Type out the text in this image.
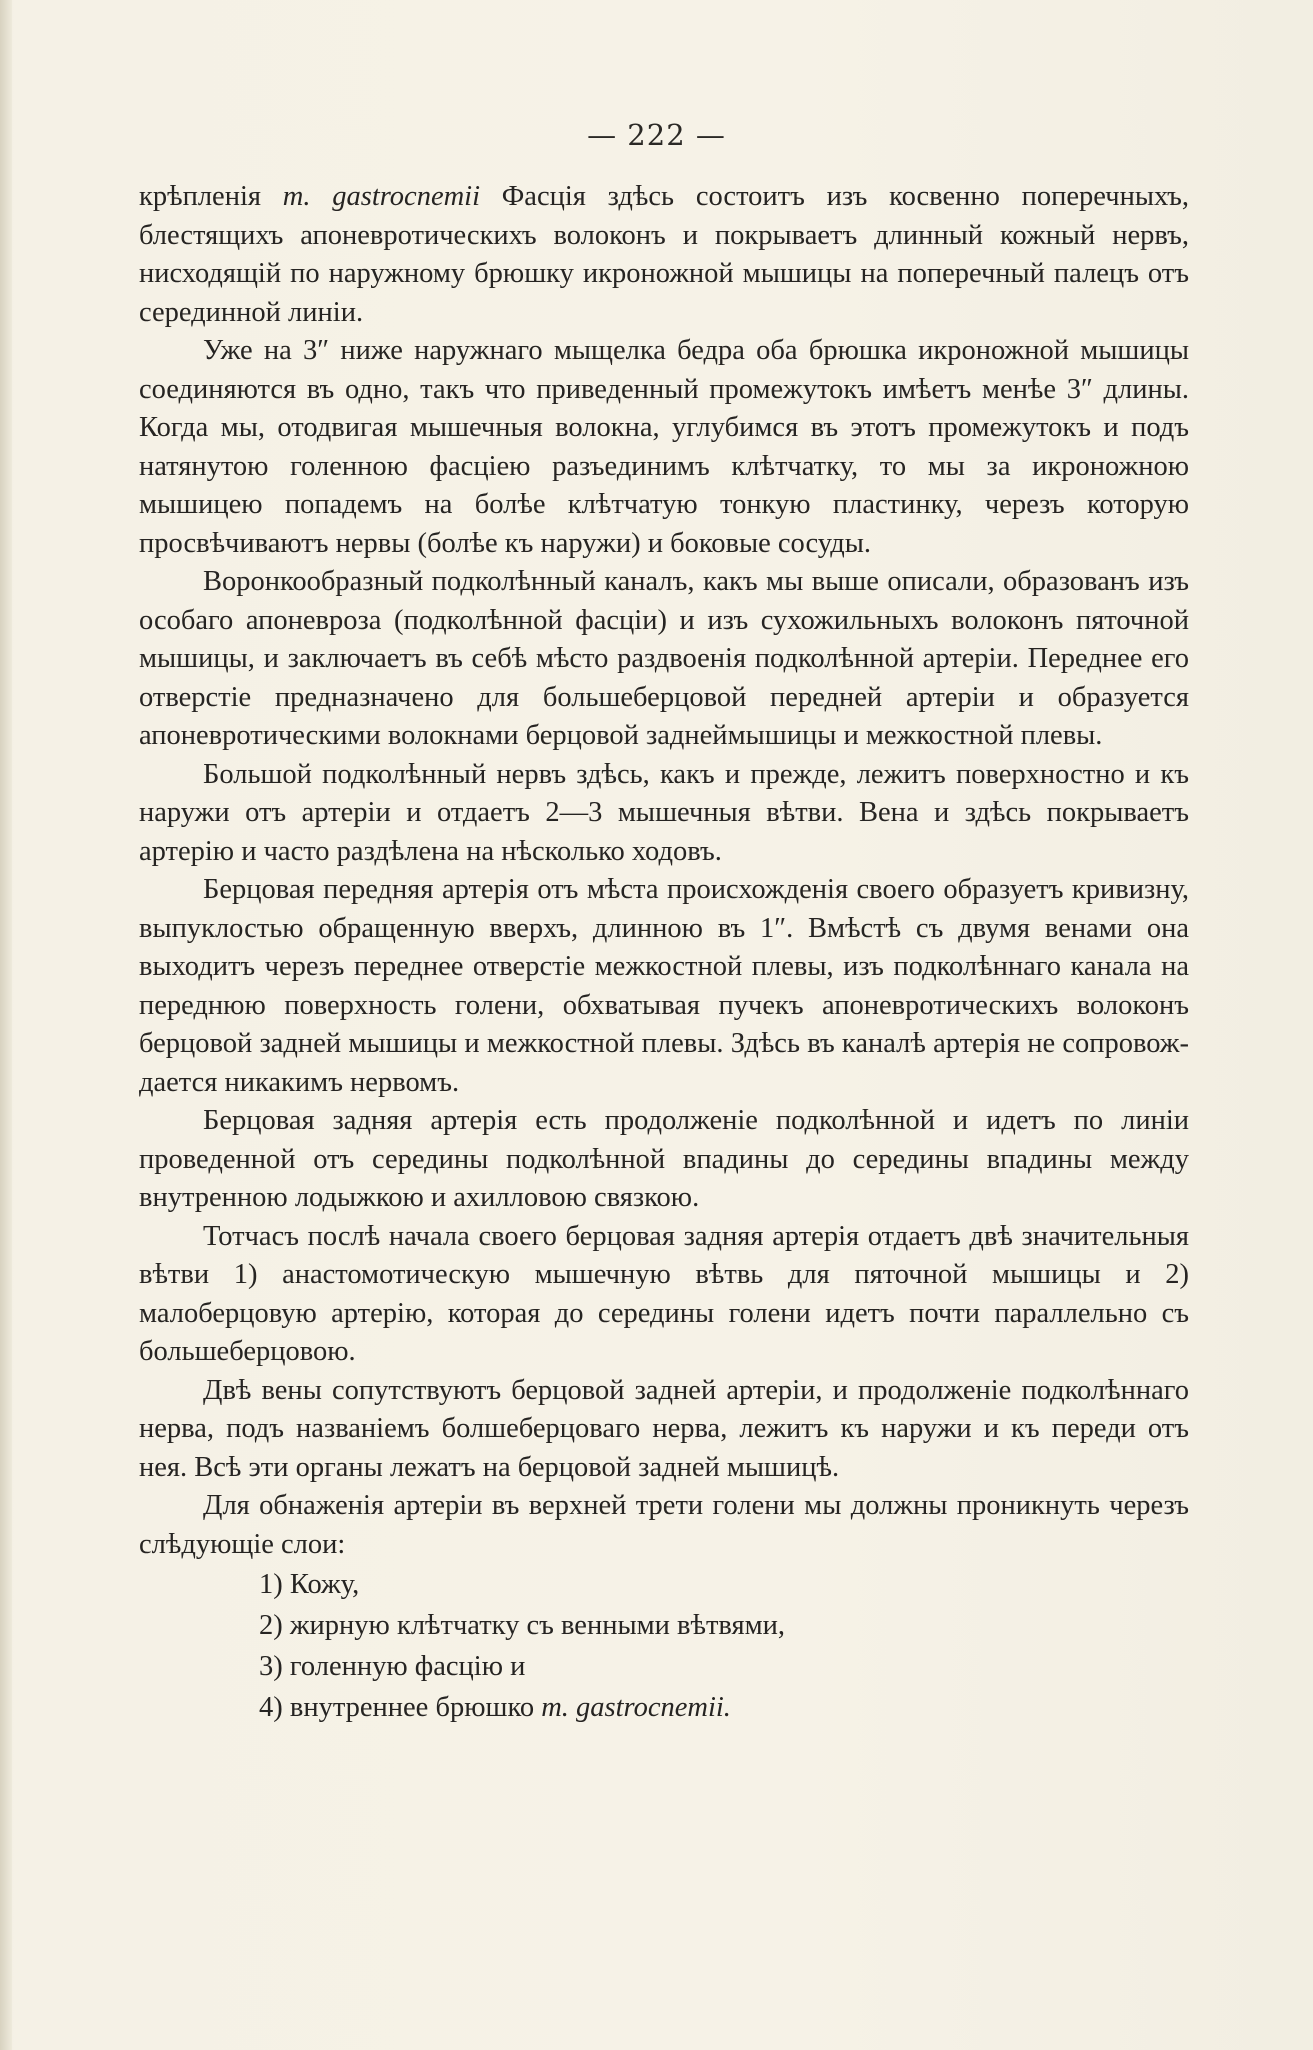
— 222 —

крѣпленія m. gastrocnemii Фасція здѣсь состоитъ изъ косвенно поперечныхъ, блестящихъ апоневротическихъ волоконъ и покрываетъ длинный кожный нервъ, нисходящій по наружному брюшку икроножной мышицы на поперечный палецъ отъ серединной линіи.

Уже на 3″ ниже наружнаго мыщелка бедра оба брюшка икроножной мышицы соединяются въ одно, такъ что приведенный промежутокъ имѣетъ менѣе 3″ длины. Когда мы, отодвигая мышечныя волокна, углубимся въ этотъ промежутокъ и подъ натянутою голенною фасціею разъединимъ клѣтчатку, то мы за икроножною мышицею попадемъ на болѣе клѣтчатую тонкую пластинку, черезъ которую просвѣчиваютъ нервы (болѣе къ наружи) и боковые сосуды.

Воронкообразный подколѣнный каналъ, какъ мы выше описали, образованъ изъ особаго апоневроза (подколѣнной фасціи) и изъ сухожильныхъ волоконъ пяточной мышицы, и заключаетъ въ себѣ мѣсто раздвоенія подколѣнной артеріи. Переднее его отверстіе предназначено для большеберцовой передней артеріи и образуется апоневротическими волокнами берцовой заднеймышицы и межкостной плевы.

Большой подколѣнный нервъ здѣсь, какъ и прежде, лежитъ поверхностно и къ наружи отъ артеріи и отдаетъ 2—3 мышечныя вѣтви. Вена и здѣсь покрываетъ артерію и часто раздѣлена на нѣсколько ходовъ.

Берцовая передняя артерія отъ мѣста происхожденія своего образуетъ кривизну, выпуклостью обращенную вверхъ, длинною въ 1″. Вмѣстѣ съ двумя венами она выходитъ черезъ переднее отверстіе межкостной плевы, изъ подколѣннаго канала на переднюю поверхность голени, обхватывая пучекъ апоневротическихъ волоконъ берцовой задней мышицы и межкостной плевы. Здѣсь въ каналѣ артерія не сопровождается никакимъ нервомъ.

Берцовая задняя артерія есть продолженіе подколѣнной и идетъ по линіи проведенной отъ середины подколѣнной впадины до середины впадины между внутренною лодыжкою и ахилловою связкою.

Тотчасъ послѣ начала своего берцовая задняя артерія отдаетъ двѣ значительныя вѣтви 1) анастомотическую мышечную вѣтвь для пяточной мышицы и 2) малоберцовую артерію, которая до середины голени идетъ почти параллельно съ большеберцовою.

Двѣ вены сопутствуютъ берцовой задней артеріи, и продолженіе подколѣннаго нерва, подъ названіемъ болшеберцоваго нерва, лежитъ къ наружи и къ переди отъ нея. Всѣ эти органы лежатъ на берцовой задней мышицѣ.

Для обнаженія артеріи въ верхней трети голени мы должны проникнуть черезъ слѣдующіе слои:

1) Кожу,
2) жирную клѣтчатку съ венными вѣтвями,
3) голенную фасцію и
4) внутреннее брюшко m. gastrocnemii.
